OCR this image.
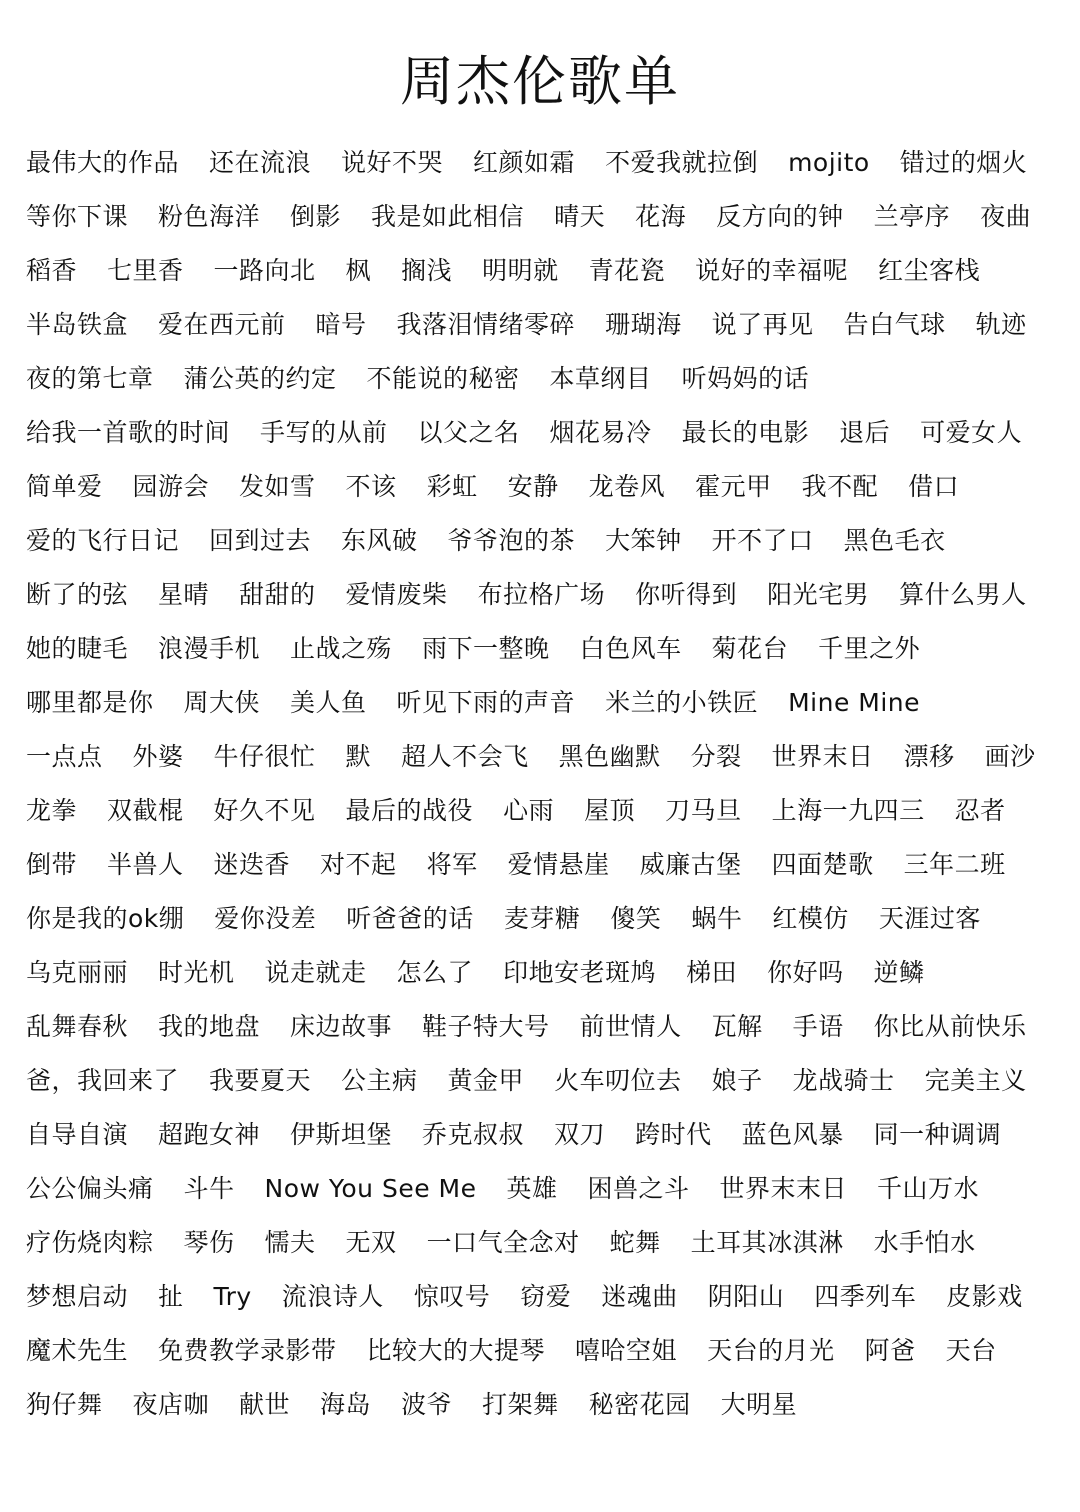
周杰伦歌单
最伟大的作品 还在流浪 说好不哭 红颜如霜 不爱我就拉倒 mojito 错过的烟火
等你下课 粉色海洋 倒影 我是如此相信 晴天 花海 反方向的钟 兰亭序 夜曲
稻香 七里香 一路向北 枫 搁浅 明明就 青花瓷 说好的幸福呢 红尘客栈
半岛铁盒 爱在西元前 暗号 我落泪情绪零碎 珊瑚海 说了再见 告白气球 轨迹
夜的第七章 蒲公英的约定 不能说的秘密 本草纲目 听妈妈的话
给我一首歌的时间 手写的从前 以父之名 烟花易冷 最长的电影 退后 可爱女人
简单爱 园游会 发如雪 不该 彩虹 安静 龙卷风 霍元甲 我不配 借口
爱的飞行日记 回到过去 东风破 爷爷泡的茶 大笨钟 开不了口 黑色毛衣
断了的弦 星晴 甜甜的 爱情废柴 布拉格广场 你听得到 阳光宅男 算什么男人
她的睫毛 浪漫手机 止战之殇 雨下一整晚 白色风车 菊花台 千里之外
哪里都是你 周大侠 美人鱼 听见下雨的声音 米兰的小铁匠 Mine Mine
一点点 外婆 牛仔很忙 默 超人不会飞 黑色幽默 分裂 世界末日 漂移 画沙
龙拳 双截棍 好久不见 最后的战役 心雨 屋顶 刀马旦 上海一九四三 忍者
倒带 半兽人 迷迭香 对不起 将军 爱情悬崖 威廉古堡 四面楚歌 三年二班
你是我的ok绷 爱你没差 听爸爸的话 麦芽糖 傻笑 蜗牛 红模仿 天涯过客
乌克丽丽 时光机 说走就走 怎么了 印地安老斑鸠 梯田 你好吗 逆鳞
乱舞春秋 我的地盘 床边故事 鞋子特大号 前世情人 瓦解 手语 你比从前快乐
爸，我回来了 我要夏天 公主病 黄金甲 火车叨位去 娘子 龙战骑士 完美主义
自导自演 超跑女神 伊斯坦堡 乔克叔叔 双刀 跨时代 蓝色风暴 同一种调调
公公偏头痛 斗牛 Now You See Me 英雄 困兽之斗 世界末末日 千山万水
疗伤烧肉粽 琴伤 懦夫 无双 一口气全念对 蛇舞 土耳其冰淇淋 水手怕水
梦想启动 扯 Try 流浪诗人 惊叹号 窃爱 迷魂曲 阴阳山 四季列车 皮影戏
魔术先生 免费教学录影带 比较大的大提琴 嘻哈空姐 天台的月光 阿爸 天台
狗仔舞 夜店咖 献世 海岛 波爷 打架舞 秘密花园 大明星
